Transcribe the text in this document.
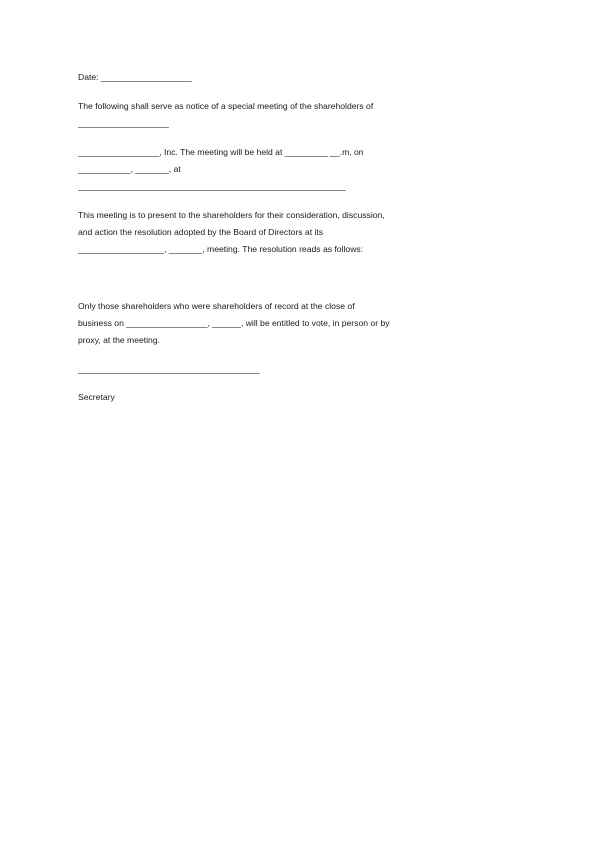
Date: ___________________
The following shall serve as notice of a special meeting of the shareholders of
___________________
_________________, Inc. The meeting will be held at _________ __.m, on
___________, _______, at
________________________________________________________
This meeting is to present to the shareholders for their consideration, discussion,
and action the resolution adopted by the Board of Directors at its
__________________, _______, meeting. The resolution reads as follows:
Only those shareholders who were shareholders of record at the close of
business on _________________, ______, will be entitled to vote, in person or by
proxy, at the meeting.
______________________________________
Secretary
